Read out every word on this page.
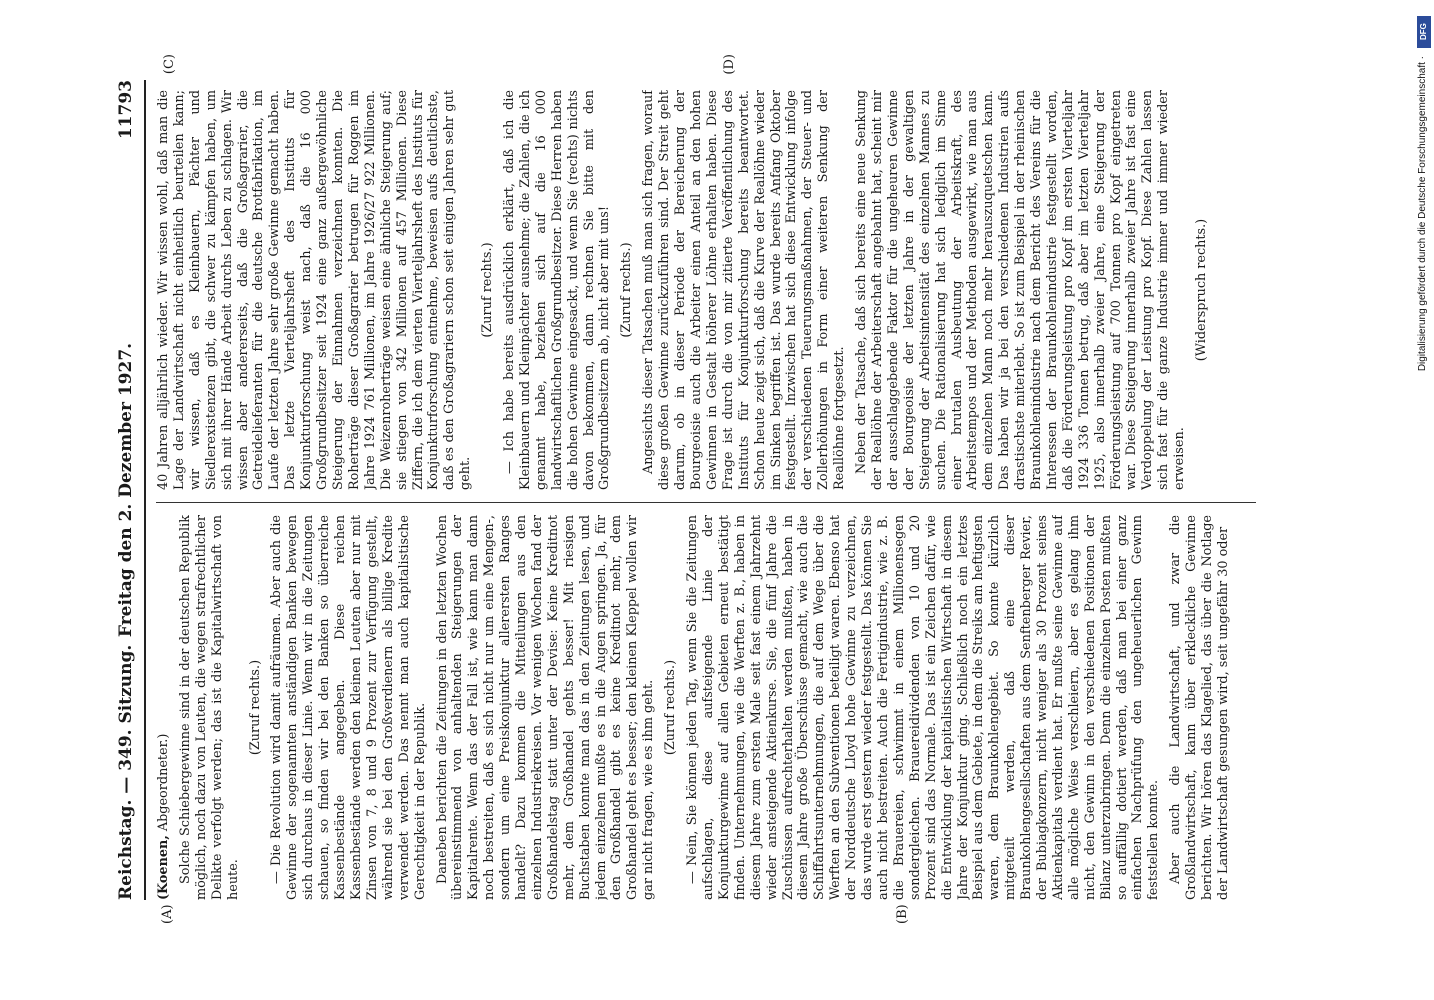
Reichstag. — 349. Sitzung.
Freitag den 2. Dezember 1927.
11793
(A)	(B)

(Koenen, Abgeordneter.) Solche Schiebergewinne sind in der deutschen Republik möglich, noch dazu von Leuten, die wegen strafrechtlicher Delikte verfolgt werden; das ist die Kapitalwirtschaft von heute.

(Zuruf rechts.) — Die Revolution wird damit aufräumen. Aber auch die Gewinne der sogenannten anständigen Banken bewegen sich durchaus in dieser Linie. Wenn wir in die Zeitungen schauen, so finden wir bei den Banken so überreiche Kassenbestände angegeben. Diese reichen Kassenbestände werden den kleinen Leuten aber nur mit Zinsen von 7, 8 und 9 Prozent zur Verfügung gestellt, während sie bei den Großverdienern als billige Kredite verwendet werden. Das nennt man auch kapitalistische Gerechtigkeit in der Republik. Daneben berichten die Zeitungen in den letzten Wochen übereinstimmend von anhaltenden Steigerungen der Kapitalrente. Wenn das der Fall ist, wie kann man dann noch bestreiten, daß es sich nicht nur um eine Mengen-, sondern um eine Preiskonjunktur allerersten Ranges handelt? Dazu kommen die Mitteilungen aus den einzelnen Industriekreisen. Vor wenigen Wochen fand der Großhandelstag statt unter der Devise: Keine Kreditnot mehr, dem Großhandel gehts besser! Mit riesigen Buchstaben konnte man das in den Zeitungen lesen, und jedem einzelnen mußte es in die Augen springen. Ja, für den Großhandel gibt es keine Kreditnot mehr, dem Großhandel geht es besser; den kleinen Kleppel wollen wir gar nicht fragen, wie es ihm geht. (Zuruf rechts.) — Nein, Sie können jeden Tag, wenn Sie die Zeitungen aufschlagen, diese aufsteigende Linie der Konjunkturgewinne auf allen Gebieten erneut bestätigt finden. Unternehmungen, wie die Werften z. B., haben in diesem Jahre zum ersten Male seit fast einem Jahrzehnt wieder ansteigende Aktienkurse. Sie, die fünf Jahre die Zuschüssen aufrechterhalten werden mußten, haben in diesem Jahre große Überschüsse gemacht, wie auch die Schiffahrtsunternehmungen, die auf dem Wege über die Werften an den Subventionen beteiligt waren. Ebenso hat der Norddeutsche Lloyd hohe Gewinne zu verzeichnen, das wurde erst gestern wieder festgestellt. Das können Sie auch nicht bestreiten. Auch die Fertigindustrie, wie z. B. die Brauereien, schwimmt in einem Millionensegen sondergleichen. Brauereidividenden von 10 und 20 Prozent sind das Normale. Das ist ein Zeichen dafür, wie die Entwicklung der kapitalistischen Wirtschaft in diesem Jahre der Konjunktur ging. Schließlich noch ein letztes Beispiel aus dem Gebiete, in dem die Streiks am heftigsten waren, dem Braunkohlengebiet. So konnte kürzlich mitgeteilt werden, daß eine dieser Braunkohlengesellschaften aus dem Senftenberger Revier, der Bubiagkonzern, nicht weniger als 30 Prozent seines Aktienkapitals verdient hat. Er mußte seine Gewinne auf alle mögliche Weise verschleiern, aber es gelang ihm nicht, den Gewinn in den verschiedenen Positionen der Bilanz unterzubringen. Denn die einzelnen Posten mußten so auffällig dotiert werden, daß man bei einer ganz einfachen Nachprüfung den ungeheuerlichen Gewinn feststellen konnte. Aber auch die Landwirtschaft, und zwar die Großlandwirtschaft, kann über erkleckliche Gewinne berichten. Wir hören das Klagelied, das über die Notlage der Landwirtschaft gesungen wird, seit ungefähr 30 oder

40 Jahren alljährlich wieder. Wir wissen wohl, daß man die Lage der Landwirtschaft nicht einheitlich beurteilen kann; wir wissen, daß es Kleinbauern, Pächter und Siedlerexistenzen gibt, die schwer zu kämpfen haben, um sich mit ihrer Hände Arbeit durchs Leben zu schlagen. Wir wissen aber andererseits, daß die Großagrarier, die Getreidelieferanten für die deutsche Brotfabrikation, im Laufe der letzten Jahre sehr große Gewinne gemacht haben. Das letzte Vierteljahrsheft des Instituts für Konjunkturforschung weist nach, daß die 16 000 Großgrundbesitzer seit 1924 eine ganz außergewöhnliche Steigerung der Einnahmen verzeichnen konnten. Die Roherträge dieser Großagrarier betrugen für Roggen im Jahre 1924 761 Millionen, im Jahre 1926/27 922 Millionen. Die Weizenroherträge weisen eine ähnliche Steigerung auf; sie stiegen von 342 Millionen auf 457 Millionen. Diese Ziffern, die ich dem vierten Vierteljahrsheft des Instituts für Konjunkturforschung entnehme, beweisen aufs deutlichste, daß es den Großagrariern schon seit einigen Jahren sehr gut geht.

(Zuruf rechts.) — Ich habe bereits ausdrücklich erklärt, daß ich die Kleinbauern und Kleinpächter ausnehme; die Zahlen, die ich genannt habe, beziehen sich auf die 16 000 landwirtschaftlichen Großgrundbesitzer. Diese Herren haben die hohen Gewinne eingesackt, und wenn Sie (rechts) nichts davon bekommen, dann rechnen Sie bitte mit den Großgrundbesitzern ab, nicht aber mit uns! (Zuruf rechts.) Angesichts dieser Tatsachen muß man sich fragen, worauf diese großen Gewinne zurückzuführen sind. Der Streit geht darum, ob in dieser Periode der Bereicherung der Bourgeoisie auch die Arbeiter einen Anteil an den hohen Gewinnen in Gestalt höherer Löhne erhalten haben. Diese Frage ist durch die von mir zitierte Veröffentlichung des Instituts für Konjunkturforschung bereits beantwortet. Schon heute zeigt sich, daß die Kurve der Reallöhne wieder im Sinken begriffen ist. Das wurde bereits Anfang Oktober festgestellt. Inzwischen hat sich diese Entwicklung infolge der verschiedenen Teuerungsmaßnahmen, der Steuer- und Zollerhöhungen in Form einer weiteren Senkung der Reallöhne fortgesetzt. Neben der Tatsache, daß sich bereits eine neue Senkung der Reallöhne der Arbeiterschaft angebahnt hat, scheint mir der ausschlaggebende Faktor für die ungeheuren Gewinne der Bourgeoisie der letzten Jahre in der gewaltigen Steigerung der Arbeitsintensität des einzelnen Mannes zu suchen. Die Rationalisierung hat sich lediglich im Sinne einer brutalen Ausbeutung der Arbeitskraft, des Arbeitstempos und der Methoden ausgewirkt, wie man aus dem einzelnen Mann noch mehr herauszuquetschen kann. Das haben wir ja bei den verschiedenen Industrien aufs drastischste miterlebt. So ist zum Beispiel in der rheinischen Braunkohlenindustrie nach dem Bericht des Vereins für die Interessen der Braunkohlenindustrie festgestellt worden, daß die Förderungsleistung pro Kopf im ersten Vierteljahr 1924 336 Tonnen betrug, daß aber im letzten Vierteljahr 1925, also innerhalb zweier Jahre, eine Steigerung der Förderungsleistung auf 700 Tonnen pro Kopf eingetreten war. Diese Steigerung innerhalb zweier Jahre ist fast eine Verdoppelung der Leistung pro Kopf. Diese Zahlen lassen sich fast für die ganze Industrie immer und immer wieder erweisen.

(Widerspruch rechts.)

(C)	(D)
DFG
Digitalisierung gefördert durch die Deutsche Forschungsgemeinschaft ·
